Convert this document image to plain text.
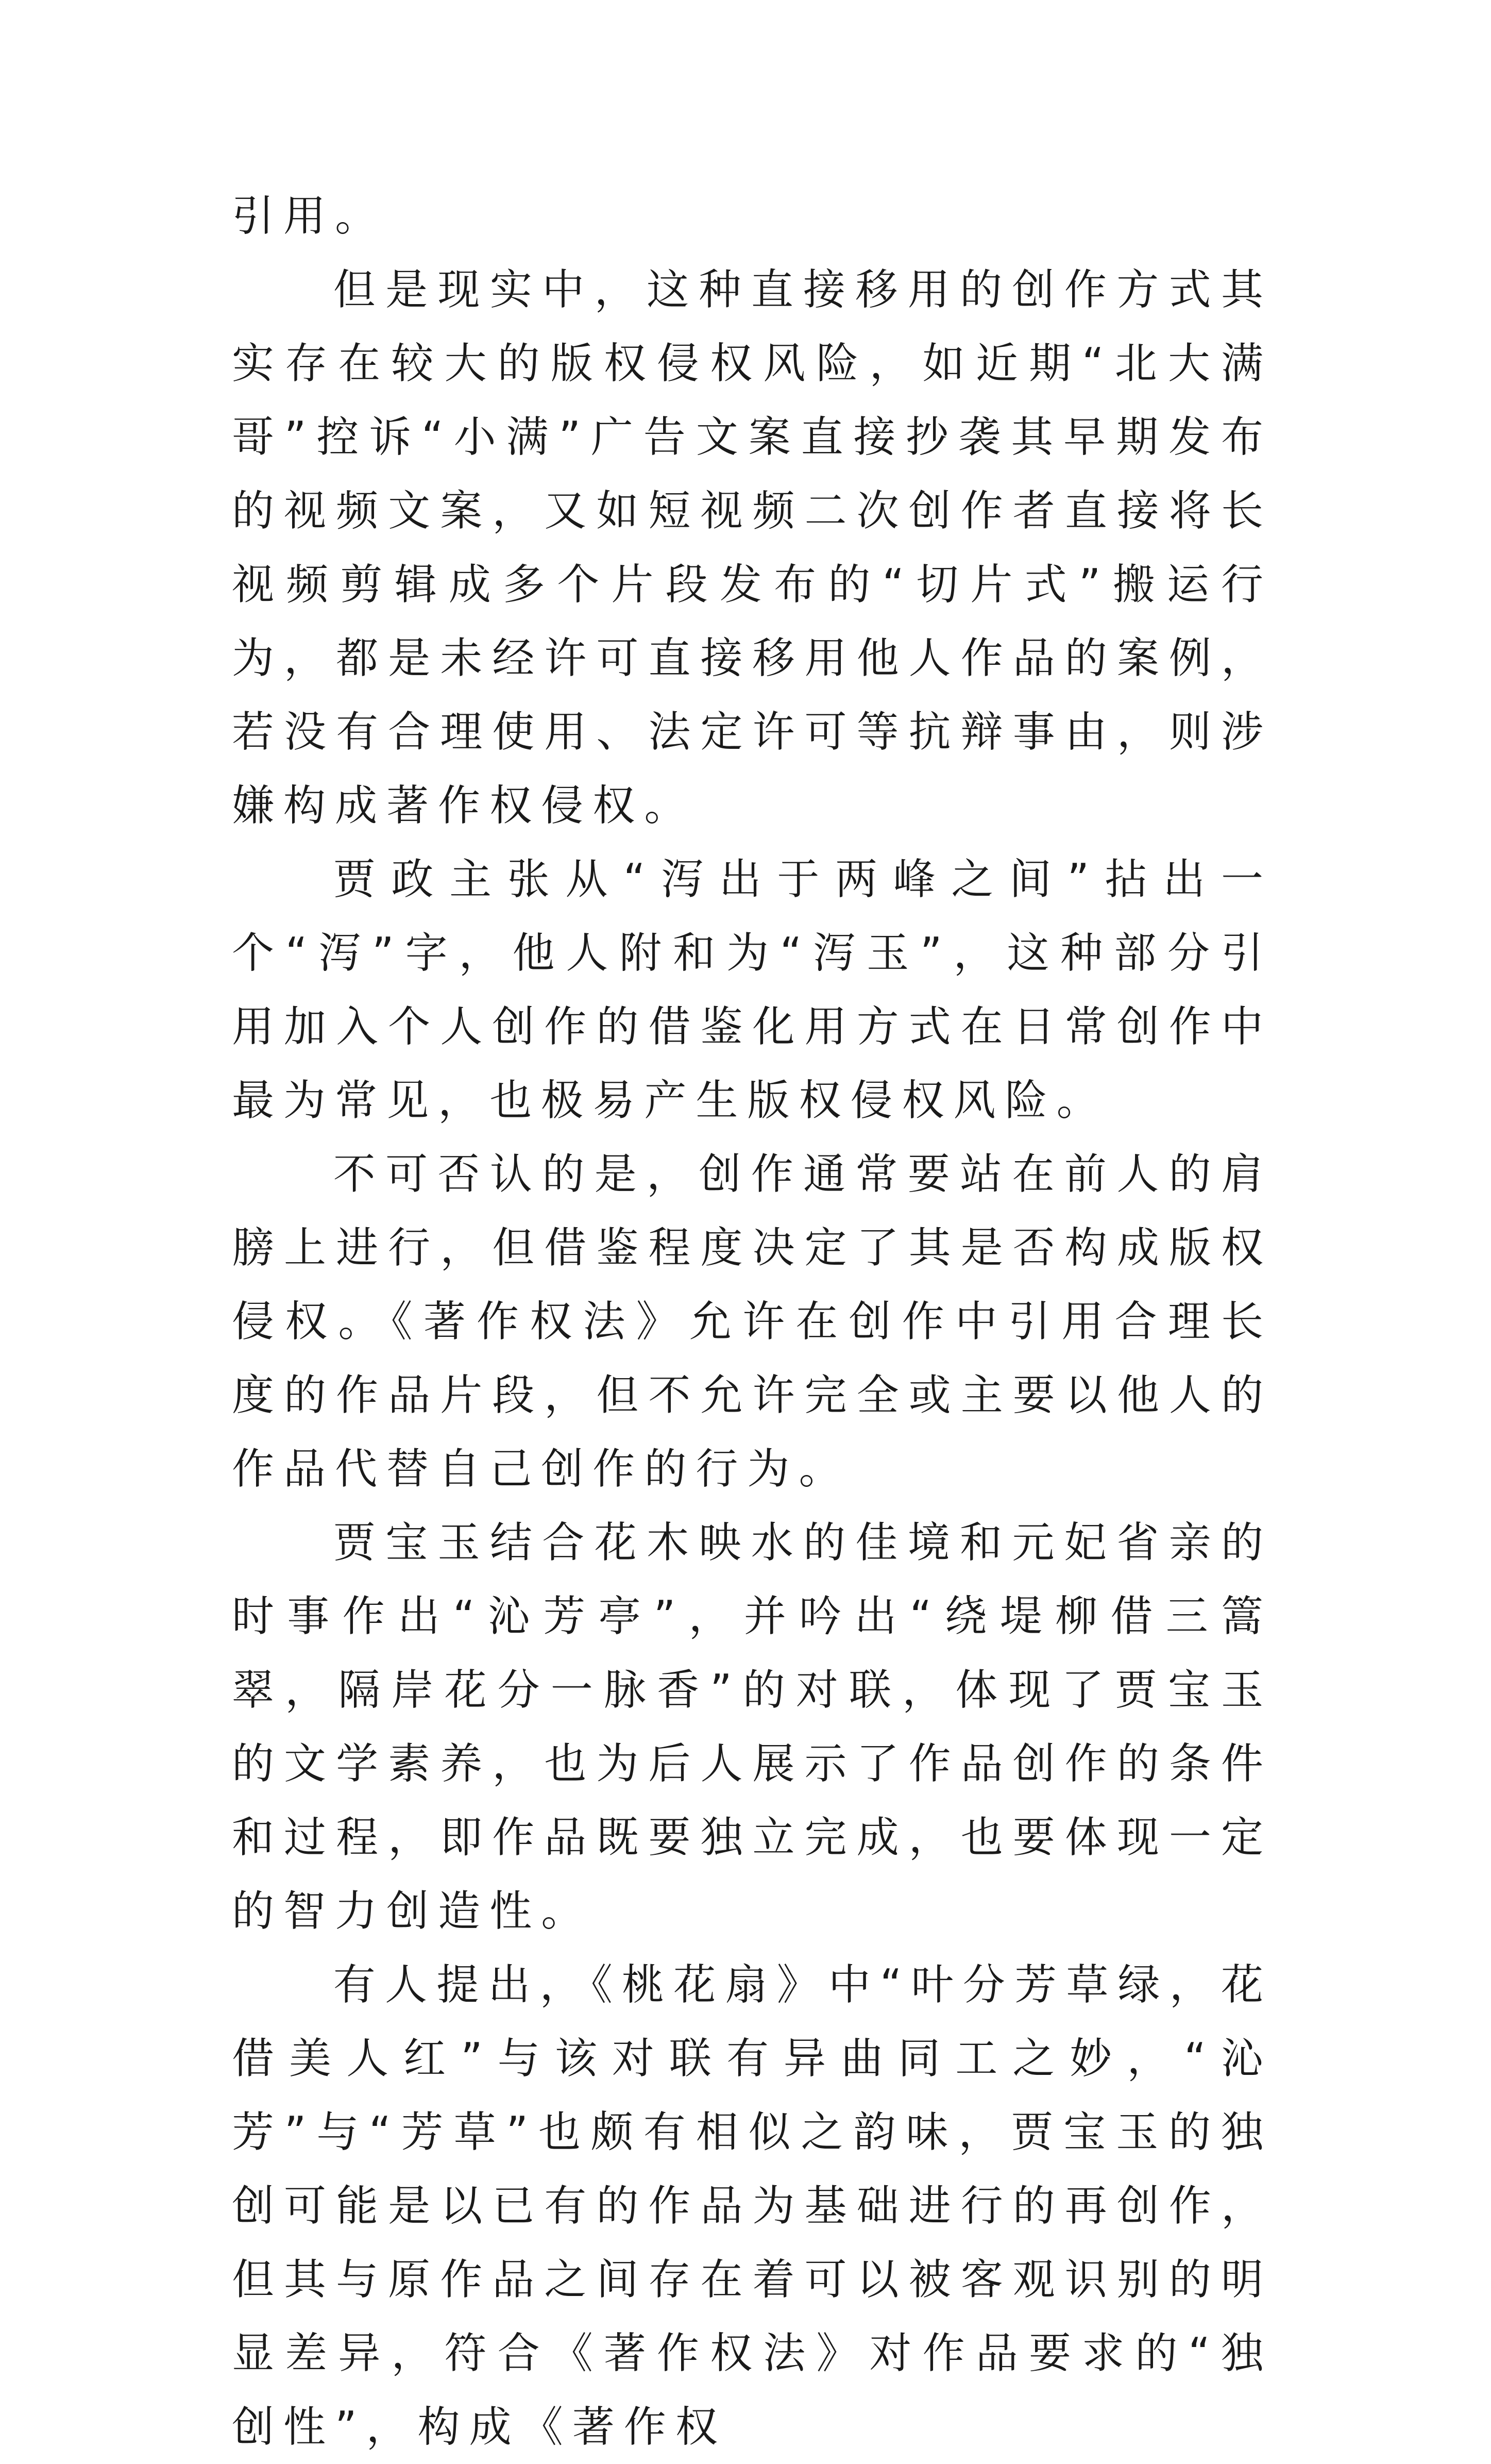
引用。

但是现实中，这种直接移用的创作方式其实存在较大的版权侵权风险，如近期“北大满哥”控诉“小满”广告文案直接抄袭其早期发布的视频文案，又如短视频二次创作者直接将长视频剪辑成多个片段发布的“切片式”搬运行为，都是未经许可直接移用他人作品的案例，若没有合理使用、法定许可等抗辩事由，则涉嫌构成著作权侵权。

贾政主张从“泻出于两峰之间”拈出一个“泻”字，他人附和为“泻玉”，这种部分引用加入个人创作的借鉴化用方式在日常创作中最为常见，也极易产生版权侵权风险。

不可否认的是，创作通常要站在前人的肩膀上进行，但借鉴程度决定了其是否构成版权侵权。《著作权法》允许在创作中引用合理长度的作品片段，但不允许完全或主要以他人的作品代替自己创作的行为。

贾宝玉结合花木映水的佳境和元妃省亲的时事作出“沁芳亭”，并吟出“绕堤柳借三篙翠，隔岸花分一脉香”的对联，体现了贾宝玉的文学素养，也为后人展示了作品创作的条件和过程，即作品既要独立完成，也要体现一定的智力创造性。

有人提出，《桃花扇》中“叶分芳草绿，花借美人红”与该对联有异曲同工之妙，“沁芳”与“芳草”也颇有相似之韵味，贾宝玉的独创可能是以已有的作品为基础进行的再创作，但其与原作品之间存在着可以被客观识别的明显差异，符合《著作权法》对作品要求的“独创性”，构成《著作权
